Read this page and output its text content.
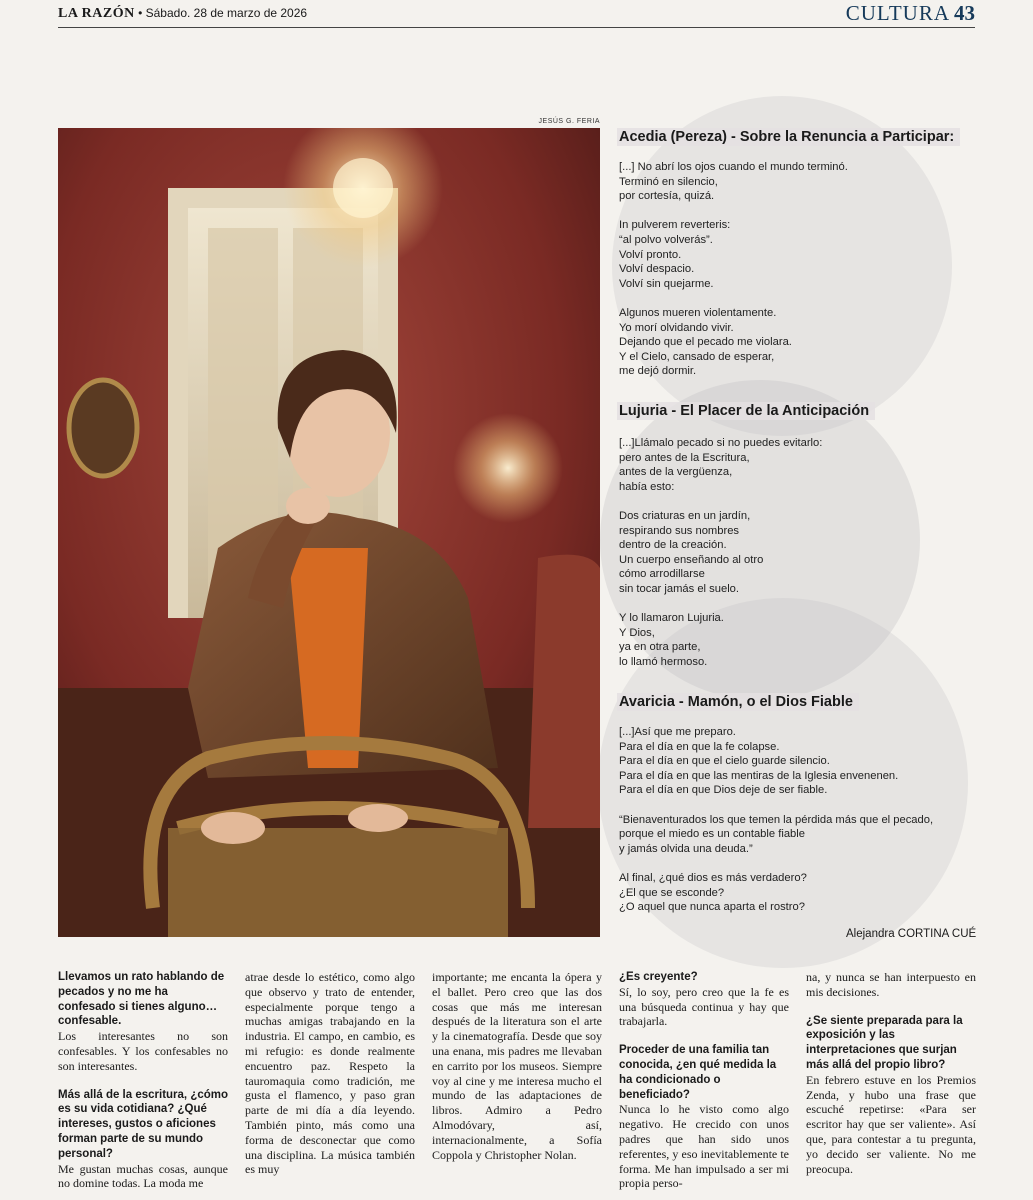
LA RAZÓN • Sábado. 28 de marzo de 2026	CULTURA 43
JESÚS G. FERIA
Acedia (Pereza) - Sobre la Renuncia a Participar:

[...] No abrí los ojos cuando el mundo terminó.
Terminó en silencio,
por cortesía, quizá.

In pulverem reverteris:
“al polvo volverás”.
Volví pronto.
Volví despacio.
Volví sin quejarme.

Algunos mueren violentamente.
Yo morí olvidando vivir.
Dejando que el pecado me violara.
Y el Cielo, cansado de esperar,
me dejó dormir.

Lujuria - El Placer de la Anticipación

[...]Llámalo pecado si no puedes evitarlo:
pero antes de la Escritura,
antes de la vergüenza,
había esto:

Dos criaturas en un jardín,
respirando sus nombres
dentro de la creación.
Un cuerpo enseñando al otro
cómo arrodillarse
sin tocar jamás el suelo.

Y lo llamaron Lujuria.
Y Dios,
ya en otra parte,
lo llamó hermoso.

Avaricia - Mamón, o el Dios Fiable

[...]Así que me preparo.
Para el día en que la fe colapse.
Para el día en que el cielo guarde silencio.
Para el día en que las mentiras de la Iglesia envenenen.
Para el día en que Dios deje de ser fiable.

“Bienaventurados los que temen la pérdida más que el pecado,
porque el miedo es un contable fiable
y jamás olvida una deuda.”

Al final, ¿qué dios es más verdadero?
¿El que se esconde?
¿O aquel que nunca aparta el rostro?

Alejandra CORTINA CUÉ
Llevamos un rato hablando de pecados y no me ha confesado si tienes alguno… confesable.
Los interesantes no son confesables. Y los confesables no son interesantes.
Más allá de la escritura, ¿cómo es su vida cotidiana? ¿Qué intereses, gustos o aficiones forman parte de su mundo personal?
Me gustan muchas cosas, aunque no domine todas. La moda me
atrae desde lo estético, como algo que observo y trato de entender, especialmente porque tengo a muchas amigas trabajando en la industria. El campo, en cambio, es mi refugio: es donde realmente encuentro paz. Respeto la tauromaquia como tradición, me gusta el flamenco, y paso gran parte de mi día a día leyendo. También pinto, más como una forma de desconectar que como una disciplina. La música también es muy
importante; me encanta la ópera y el ballet. Pero creo que las dos cosas que más me interesan después de la literatura son el arte y la cinematografía. Desde que soy una enana, mis padres me llevaban en carrito por los museos. Siempre voy al cine y me interesa mucho el mundo de las adaptaciones de libros. Admiro a Pedro Almodóvary, así, internacionalmente, a Sofía Coppola y Christopher Nolan.
¿Es creyente?
Sí, lo soy, pero creo que la fe es una búsqueda continua y hay que trabajarla.
Proceder de una familia tan conocida, ¿en qué medida la ha condicionado o beneficiado?
Nunca lo he visto como algo negativo. He crecido con unos padres que han sido unos referentes, y eso inevitablemente te forma. Me han impulsado a ser mi propia perso-
na, y nunca se han interpuesto en mis decisiones.
¿Se siente preparada para la exposición y las interpretaciones que surjan más allá del propio libro?
En febrero estuve en los Premios Zenda, y hubo una frase que escuché repetirse: «Para ser escritor hay que ser valiente». Así que, para contestar a tu pregunta, yo decido ser valiente. No me preocupa.
